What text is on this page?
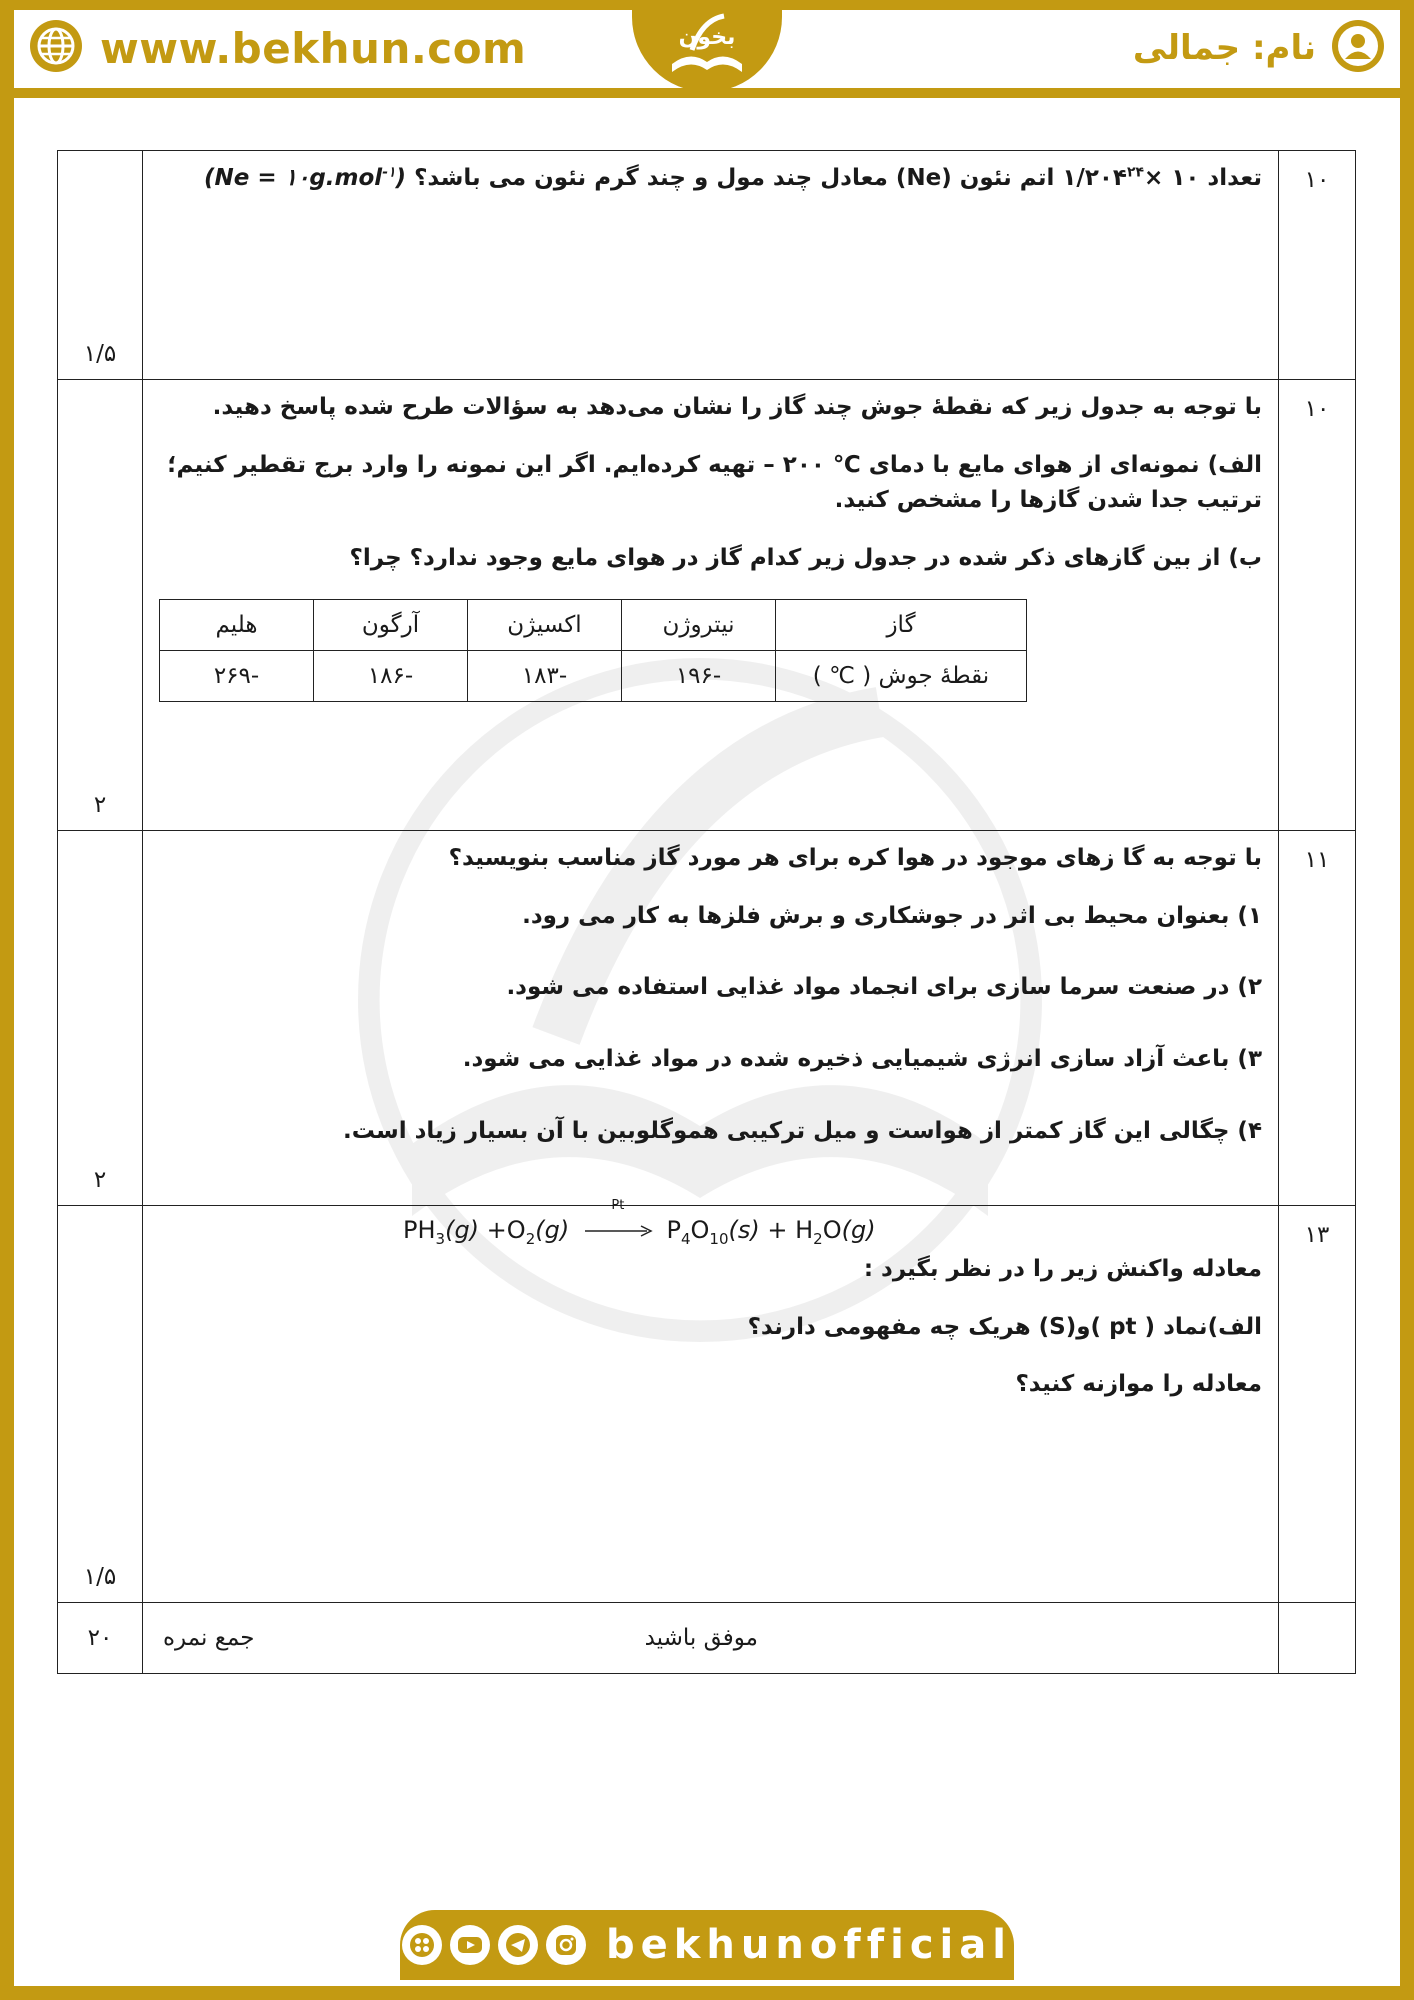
www.bekhun.com	بخون	نام: جمالی
۱۰	

تعداد ۱۰ $\times ۱/۲۰۴^{۲۴}$ اتم نئون (Ne) معادل چند مول و چند گرم نئون می باشد؟ (Ne = ۱۰g.mol$^{-۱}$)

	۱/۵
۱۰	

با توجه به جدول زیر که نقطهٔ جوش چند گاز را نشان می‌دهد به سؤالات طرح شده پاسخ دهید.

الف) نمونه‌ای از هوای مایع با دمای ℃ ۲۰۰ – تهیه کرده‌ایم. اگر این نمونه را وارد برج تقطیر کنیم؛ ترتیب جدا شدن گازها را مشخص کنید.

ب) از بین گازهای ذکر شده در جدول زیر کدام گاز در هوای مایع وجود ندارد؟ چرا؟

گاز	نیتروژن	اکسیژن	آرگون	هلیم
نقطهٔ جوش ( ℃ )	-۱۹۶	-۱۸۳	-۱۸۶	-۲۶۹
	۲
۱۱	

با توجه به گا زهای موجود در هوا کره برای هر مورد گاز مناسب بنویسید؟

۱) بعنوان محیط بی اثر در جوشکاری و برش فلزها به کار می رود.

۲) در صنعت سرما سازی برای انجماد مواد غذایی استفاده می شود.

۳) باعث آزاد سازی انرژی شیمیایی ذخیره شده در مواد غذایی می شود.

۴) چگالی این گاز کمتر از هواست و میل ترکیبی هموگلوبین با آن بسیار زیاد است.

	۲
۱۳	
$PH_3(g) +O_2(g)$
Pt
$P_4O_{10}(s) + H_2O(g)$

معادله واکنش زیر را در نظر بگیرد :

الف)نماد ( pt )و(S) هریک چه مفهومی دارند؟

معادله را موازنه کنید؟

	۱/۵

موفق باشید
جمع نمره
	۲۰
bekhunofficial
